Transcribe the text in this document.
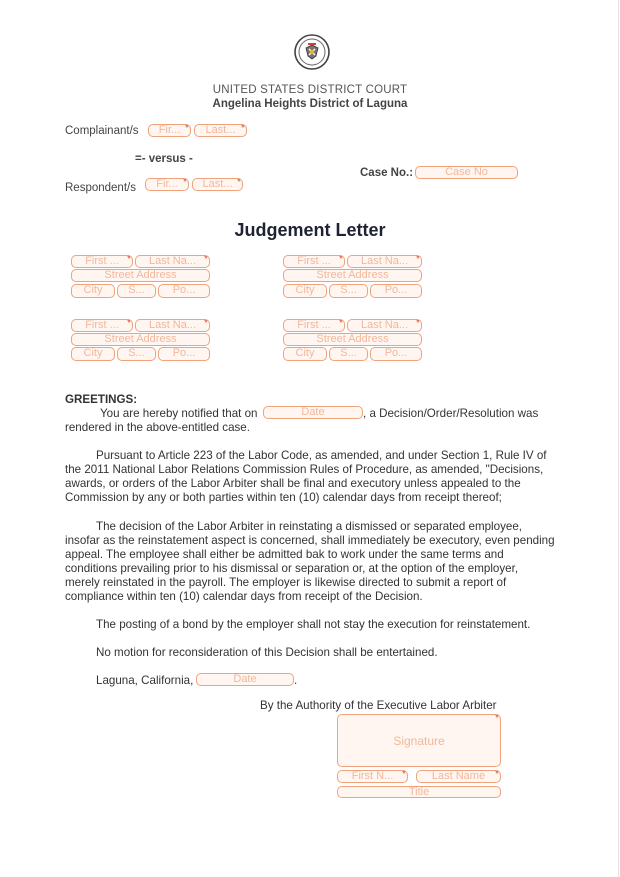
UNITED STATES DISTRICT COURT
Angelina Heights District of Laguna
Complainant/s	Fir... *	Last... *
=- versus -
Case No.:	Case No
Respondent/s	Fir... *	Last... *
Judgement Letter
First ... *	Last Na... *
Street Address
City	S...	Po...
First ... *	Last Na... *
Street Address
City	S...	Po...
First ... *	Last Na... *
Street Address
City	S...	Po...
First ... *	Last Na... *
Street Address
City	S...	Po...
GREETINGS:
You are hereby notified that on	Date	, a Decision/Order/Resolution was
rendered in the above-entitled case.
Pursuant to Article 223 of the Labor Code, as amended, and under Section 1, Rule IV of the 2011 National Labor Relations Commission Rules of Procedure, as amended, "Decisions, awards, or orders of the Labor Arbiter shall be final and executory unless appealed to the Commission by any or both parties within ten (10) calendar days from receipt thereof;
The decision of the Labor Arbiter in reinstating a dismissed or separated employee, insofar as the reinstatement aspect is concerned, shall immediately be executory, even pending appeal. The employee shall either be admitted bak to work under the same terms and conditions prevailing prior to his dismissal or separation or, at the option of the employer, merely reinstated in the payroll. The employer is likewise directed to submit a report of compliance within ten (10) calendar days from receipt of the Decision.
The posting of a bond by the employer shall not stay the execution for reinstatement.
No motion for reconsideration of this Decision shall be entertained.
Laguna, California,	Date	.
By the Authority of the Executive Labor Arbiter
Signature *
First N... *	Last Name *
Title
